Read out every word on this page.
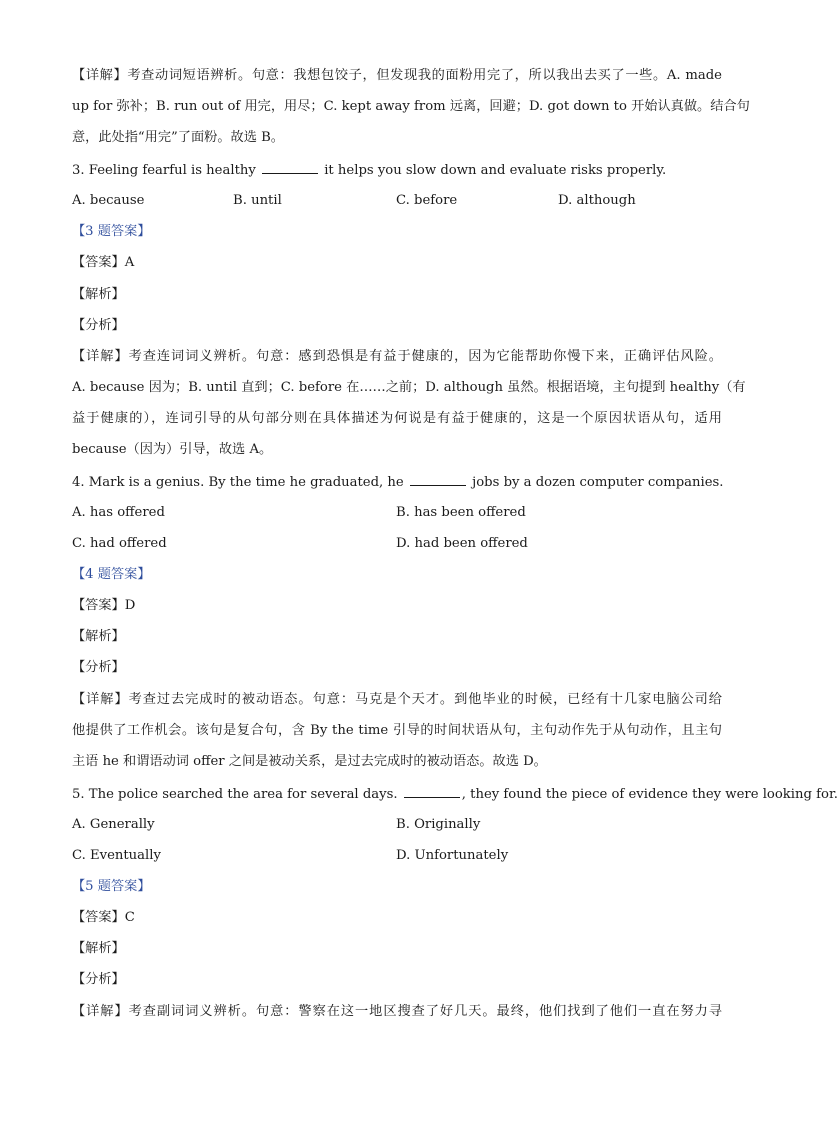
【详解】考查动词短语辨析。句意：我想包饺子，但发现我的面粉用完了，所以我出去买了一些。A. made
up for 弥补；B. run out of 用完，用尽；C. kept away from 远离，回避；D. got down to 开始认真做。结合句
意，此处指“用完”了面粉。故选 B。
3. Feeling fearful is healthy	it helps you slow down and evaluate risks properly.
A. because	B. until	C. before	D. although
【3 题答案】
【答案】A
【解析】
【分析】
【详解】考查连词词义辨析。句意：感到恐惧是有益于健康的，因为它能帮助你慢下来，正确评估风险。
A. because 因为；B. until 直到；C. before 在……之前；D. although 虽然。根据语境，主句提到 healthy（有
益于健康的），连词引导的从句部分则在具体描述为何说是有益于健康的，这是一个原因状语从句，适用
because（因为）引导，故选 A。
4. Mark is a genius. By the time he graduated, he	jobs by a dozen computer companies.
A. has offered	B. has been offered
C. had offered	D. had been offered
【4 题答案】
【答案】D
【解析】
【分析】
【详解】考查过去完成时的被动语态。句意：马克是个天才。到他毕业的时候，已经有十几家电脑公司给
他提供了工作机会。该句是复合句，含 By the time 引导的时间状语从句，主句动作先于从句动作，且主句
主语 he 和谓语动词 offer 之间是被动关系，是过去完成时的被动语态。故选 D。
5. The police searched the area for several days.	, they found the piece of evidence they were looking for.
A. Generally	B. Originally
C. Eventually	D. Unfortunately
【5 题答案】
【答案】C
【解析】
【分析】
【详解】考查副词词义辨析。句意：警察在这一地区搜查了好几天。最终，他们找到了他们一直在努力寻
